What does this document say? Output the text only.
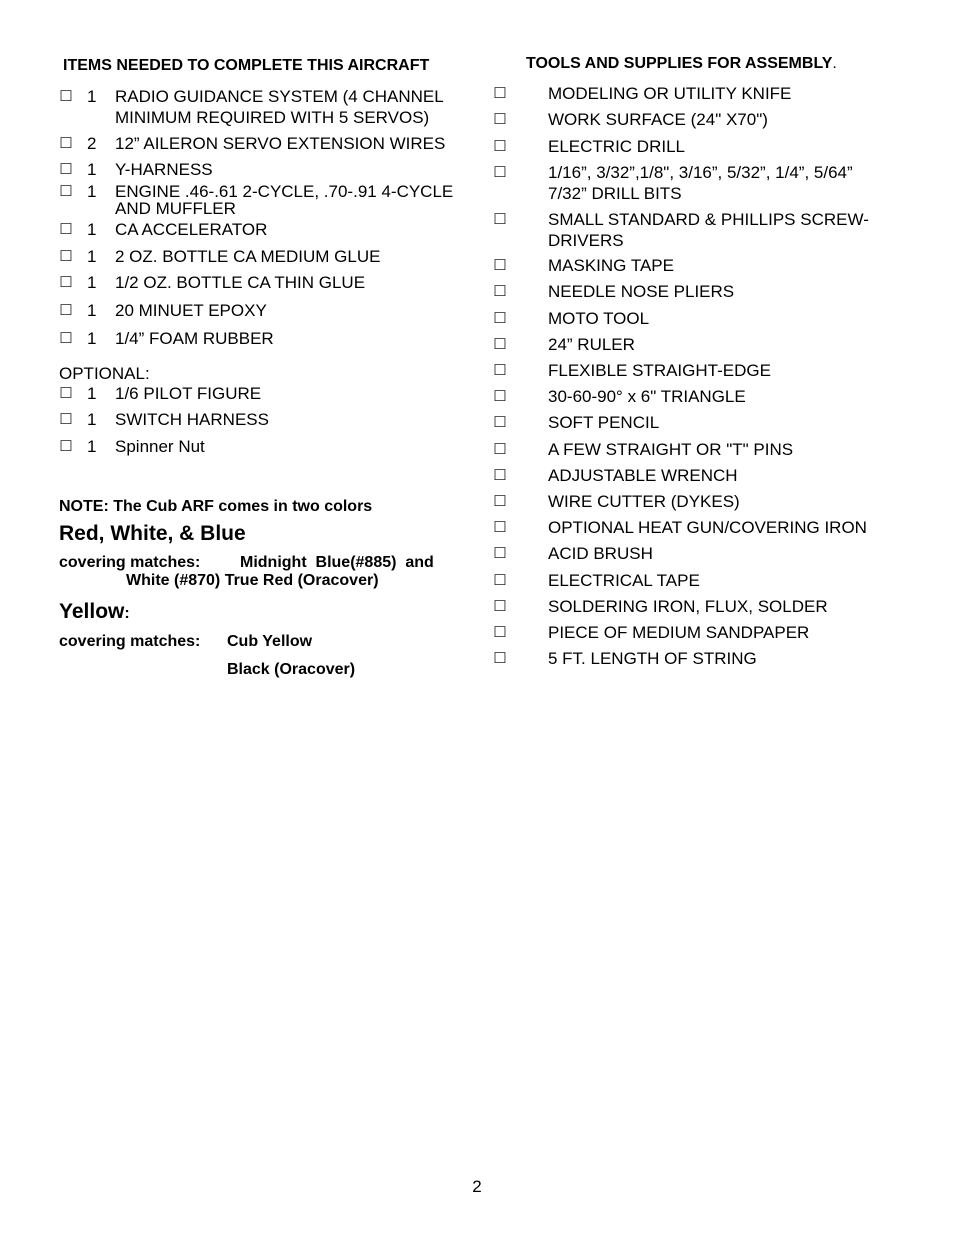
ITEMS NEEDED TO COMPLETE THIS AIRCRAFT
☐ 1 RADIO GUIDANCE SYSTEM (4 CHANNEL
MINIMUM REQUIRED WITH 5 SERVOS)
☐ 2 12” AILERON SERVO EXTENSION WIRES
☐ 1 Y-HARNESS
☐ 1 ENGINE .46-.61 2-CYCLE, .70-.91 4-CYCLE
AND MUFFLER
☐ 1 CA ACCELERATOR
☐ 1 2 OZ. BOTTLE CA MEDIUM GLUE
☐ 1 1/2 OZ. BOTTLE CA THIN GLUE
☐ 1 20 MINUET EPOXY
☐ 1 1/4” FOAM RUBBER
OPTIONAL:
☐ 1 1/6 PILOT FIGURE
☐ 1 SWITCH HARNESS
☐ 1 Spinner Nut
NOTE: The Cub ARF comes in two colors
Red, White, & Blue
covering matches: Midnight  Blue(#885)  and
White (#870) True Red (Oracover)
Yellow:
covering matches: Cub Yellow
Black (Oracover)
TOOLS AND SUPPLIES FOR ASSEMBLY.
☐ MODELING OR UTILITY KNIFE
☐ WORK SURFACE (24" X70")
☐ ELECTRIC DRILL
☐ 1/16”, 3/32”,1/8", 3/16”, 5/32”, 1/4”, 5/64”
7/32” DRILL BITS
☐ SMALL STANDARD & PHILLIPS SCREW-
DRIVERS
☐ MASKING TAPE
☐ NEEDLE NOSE PLIERS
☐ MOTO TOOL
☐ 24” RULER
☐ FLEXIBLE STRAIGHT-EDGE
☐ 30-60-90° x 6" TRIANGLE
☐ SOFT PENCIL
☐ A FEW STRAIGHT OR "T" PINS
☐ ADJUSTABLE WRENCH
☐ WIRE CUTTER (DYKES)
☐ OPTIONAL HEAT GUN/COVERING IRON
☐ ACID BRUSH
☐ ELECTRICAL TAPE
☐ SOLDERING IRON, FLUX, SOLDER
☐ PIECE OF MEDIUM SANDPAPER
☐ 5 FT. LENGTH OF STRING
2
